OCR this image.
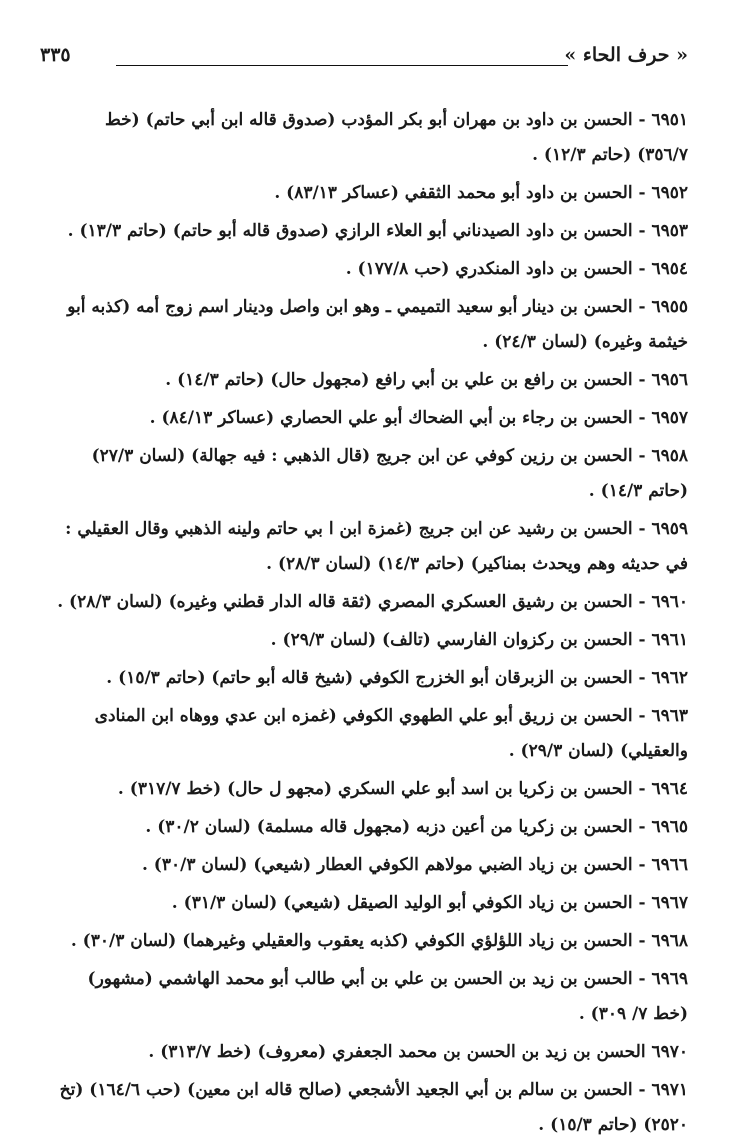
« حرف الحاء »
٣٣٥

٦٩٥١ - الحسن بن داود بن مهران أبو بكر المؤدب (صدوق قاله ابن أبي حاتم) (خط ٣٥٦/٧) (حاتم ١٢/٣) .

٦٩٥٢ - الحسن بن داود أبو محمد الثقفي (عساكر ٨٣/١٣) .

٦٩٥٣ - الحسن بن داود الصيدناني أبو العلاء الرازي (صدوق قاله أبو حاتم) (حاتم ١٣/٣) .

٦٩٥٤ - الحسن بن داود المنكدري (حب ١٧٧/٨) .

٦٩٥٥ - الحسن بن دينار أبو سعيد التميمي ـ وهو ابن واصل ودينار اسم زوج أمه (كذبه أبو خيثمة وغيره) (لسان ٢٤/٣) .

٦٩٥٦ - الحسن بن رافع بن علي بن أبي رافع (مجهول حال) (حاتم ١٤/٣) .

٦٩٥٧ - الحسن بن رجاء بن أبي الضحاك أبو علي الحصاري (عساكر ٨٤/١٣) .

٦٩٥٨ - الحسن بن رزين كوفي عن ابن جريج (قال الذهبي : فيه جهالة) (لسان ٢٧/٣) (حاتم ١٤/٣) .

٦٩٥٩ - الحسن بن رشيد عن ابن جريج (غمزة ابن ا بي حاتم ولينه الذهبي وقال العقيلي : في حديثه وهم ويحدث بمناكير) (حاتم ١٤/٣) (لسان ٢٨/٣) .

٦٩٦٠ - الحسن بن رشيق العسكري المصري (ثقة قاله الدار قطني وغيره) (لسان ٢٨/٣) .

٦٩٦١ - الحسن بن ركزوان الفارسي (تالف) (لسان ٢٩/٣) .

٦٩٦٢ - الحسن بن الزبرقان أبو الخزرج الكوفي (شيخ قاله أبو حاتم) (حاتم ١٥/٣) .

٦٩٦٣ - الحسن بن زريق أبو علي الطهوي الكوفي (غمزه ابن عدي ووهاه ابن المنادى والعقيلي) (لسان ٢٩/٣) .

٦٩٦٤ - الحسن بن زكريا بن اسد أبو علي السكري (مجهو ل حال) (خط ٣١٧/٧) .

٦٩٦٥ - الحسن بن زكريا من أعين دزبه (مجهول قاله مسلمة) (لسان ٣٠/٢) .

٦٩٦٦ - الحسن بن زياد الضبي مولاهم الكوفي العطار (شيعي) (لسان ٣٠/٣) .

٦٩٦٧ - الحسن بن زياد الكوفي أبو الوليد الصيقل (شيعي) (لسان ٣١/٣) .

٦٩٦٨ - الحسن بن زياد اللؤلؤي الكوفي (كذبه يعقوب والعقيلي وغيرهما) (لسان ٣٠/٣) .

٦٩٦٩ - الحسن بن زيد بن الحسن بن علي بن أبي طالب أبو محمد الهاشمي (مشهور) (خط ٧/ ٣٠٩) .

٦٩٧٠ الحسن بن زيد بن الحسن بن محمد الجعفري (معروف) (خط ٣١٣/٧) .

٦٩٧١ - الحسن بن سالم بن أبي الجعيد الأشجعي (صالح قاله ابن معين) (حب ١٦٤/٦) (تخ ٢٥٢٠) (حاتم ١٥/٣) .
